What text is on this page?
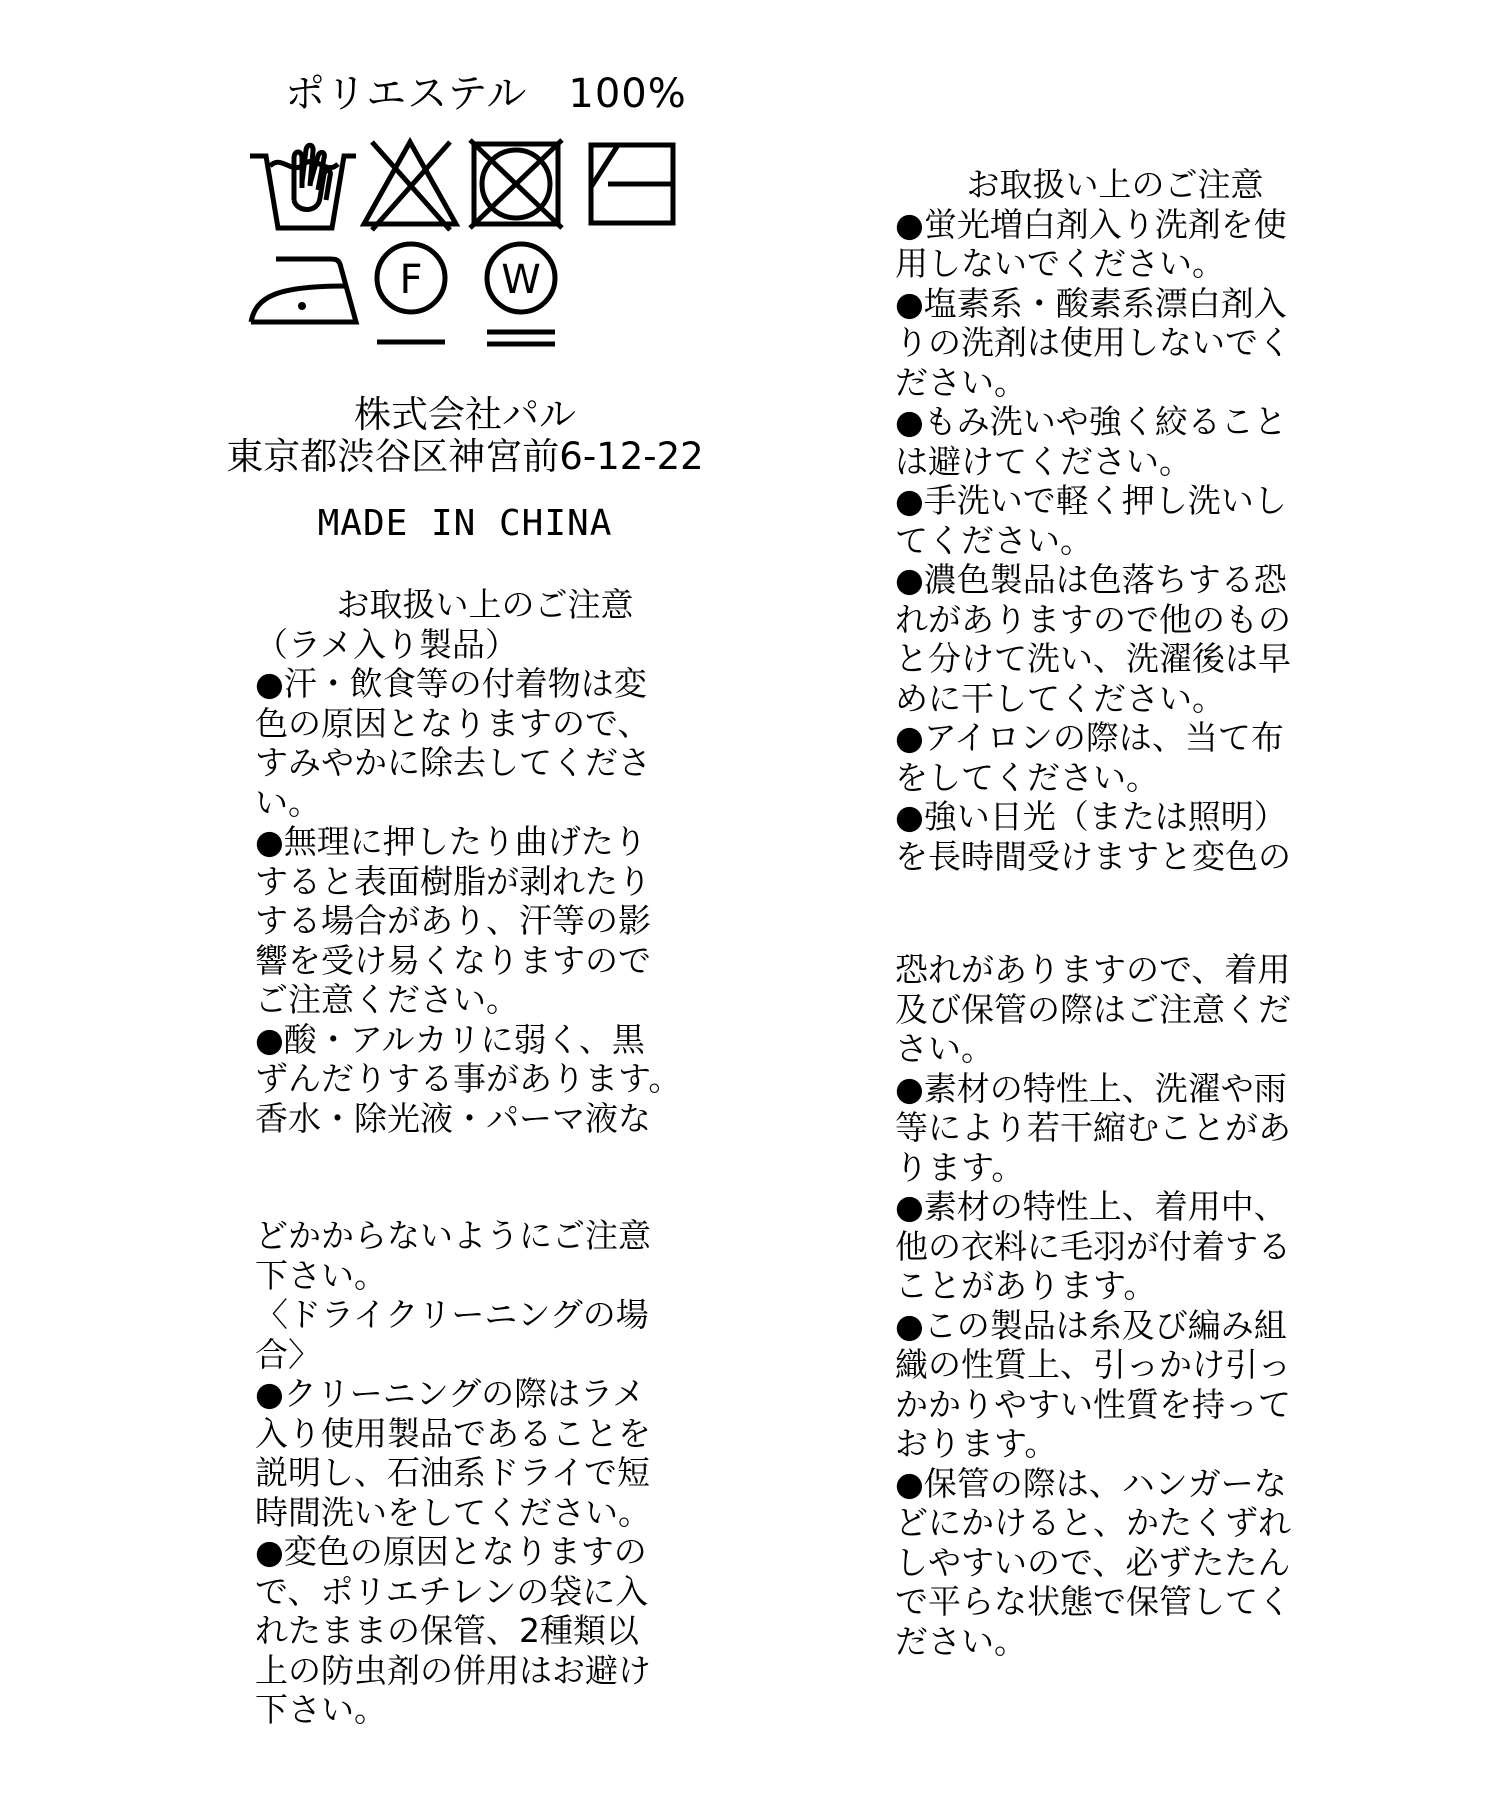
ポリエステル　100%
F W
株式会社パル
東京都渋谷区神宮前6-12-22
MADE IN CHINA

お取扱い上のご注意

（ラメ入り製品）

●汗・飲食等の付着物は変

色の原因となりますので、

すみやかに除去してくださ

い。

●無理に押したり曲げたり

すると表面樹脂が剥れたり

する場合があり、汗等の影

響を受け易くなりますので

ご注意ください。

●酸・アルカリに弱く、黒

ずんだりする事があります。

香水・除光液・パーマ液な

どかからないようにご注意

下さい。

〈ドライクリーニングの場

合〉

●クリーニングの際はラメ

入り使用製品であることを

説明し、石油系ドライで短

時間洗いをしてください。

●変色の原因となりますの

で、ポリエチレンの袋に入

れたままの保管、2種類以

上の防虫剤の併用はお避け

下さい。

お取扱い上のご注意

●蛍光増白剤入り洗剤を使

用しないでください。

●塩素系・酸素系漂白剤入

りの洗剤は使用しないでく

ださい。

●もみ洗いや強く絞ること

は避けてください。

●手洗いで軽く押し洗いし

てください。

●濃色製品は色落ちする恐

れがありますので他のもの

と分けて洗い、洗濯後は早

めに干してください。

●アイロンの際は、当て布

をしてください。

●強い日光（または照明）

を長時間受けますと変色の

恐れがありますので、着用

及び保管の際はご注意くだ

さい。

●素材の特性上、洗濯や雨

等により若干縮むことがあ

ります。

●素材の特性上、着用中、

他の衣料に毛羽が付着する

ことがあります。

●この製品は糸及び編み組

織の性質上、引っかけ引っ

かかりやすい性質を持って

おります。

●保管の際は、ハンガーな

どにかけると、かたくずれ

しやすいので、必ずたたん

で平らな状態で保管してく

ださい。
